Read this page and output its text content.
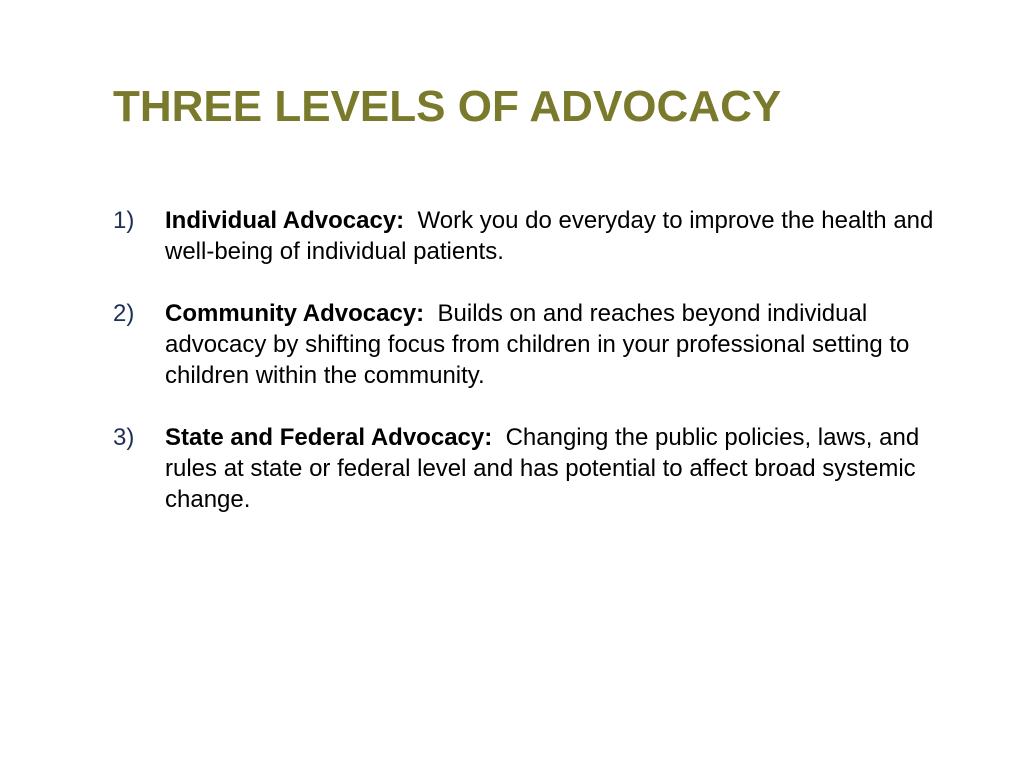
THREE LEVELS OF ADVOCACY
1)	Individual Advocacy: Work you do everyday to improve the health and well-being of individual patients.
2)	Community Advocacy: Builds on and reaches beyond individual advocacy by shifting focus from children in your professional setting to children within the community.
3)	State and Federal Advocacy: Changing the public policies, laws, and rules at state or federal level and has potential to affect broad systemic change.
